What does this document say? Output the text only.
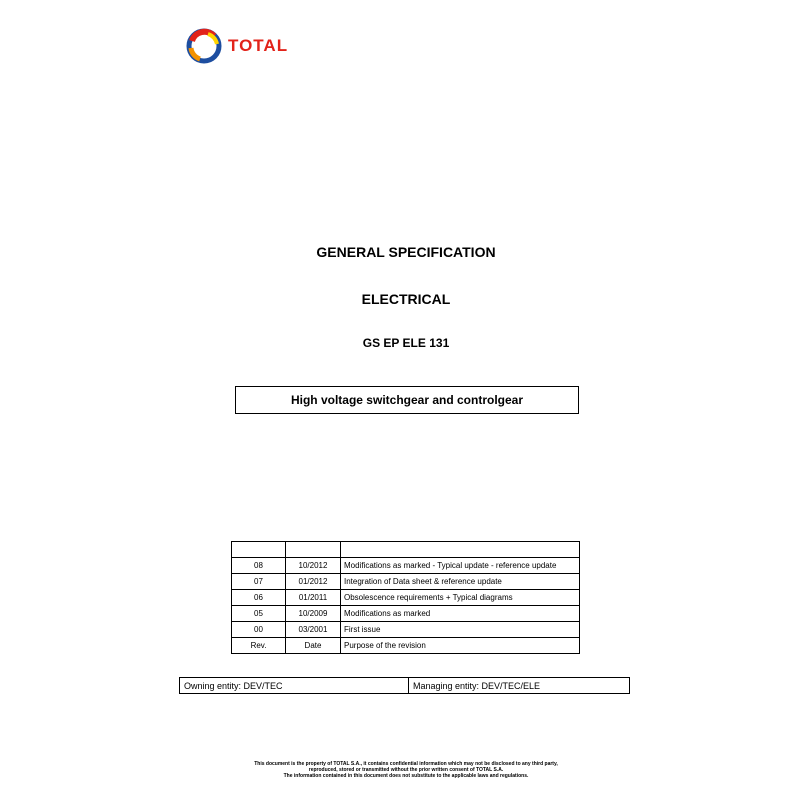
TOTAL
GENERAL SPECIFICATION
ELECTRICAL
GS EP ELE 131
High voltage switchgear and controlgear

08	10/2012	Modifications as marked - Typical update - reference update
07	01/2012	Integration of Data sheet & reference update
06	01/2011	Obsolescence requirements + Typical diagrams
05	10/2009	Modifications as marked
00	03/2001	First issue
Rev.	Date	Purpose of the revision
Owning entity: DEV/TEC	Managing entity: DEV/TEC/ELE
This document is the property of TOTAL S.A., it contains confidential information which may not be disclosed to any third party,
reproduced, stored or transmitted without the prior written consent of TOTAL S.A.
The information contained in this document does not substitute to the applicable laws and regulations.
